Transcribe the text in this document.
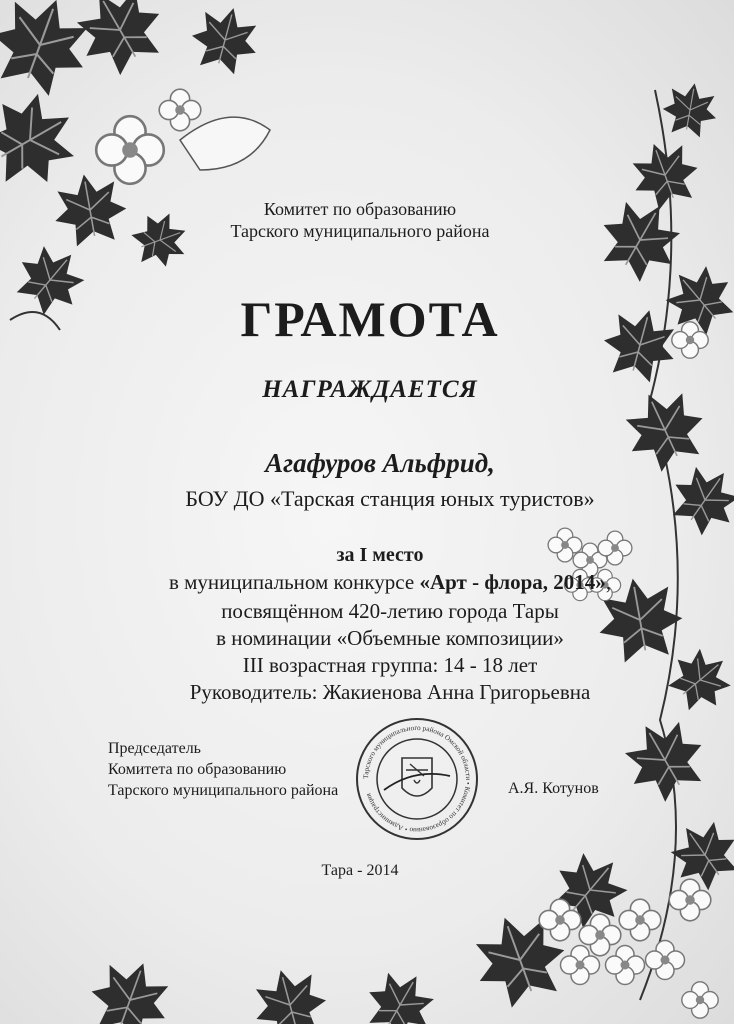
Комитет по образованию
Тарского муниципального района
ГРАМОТА
НАГРАЖДАЕТСЯ
Агафуров Альфрид,
БОУ ДО «Тарская станция юных туристов»
за I место
в муниципальном конкурсе «Арт - флора, 2014»,
посвящённом 420-летию города Тары
в номинации «Объемные композиции»
III возрастная группа: 14 - 18 лет
Руководитель: Жакиенова Анна Григорьевна
Председатель
Комитета по образованию
Тарского муниципального района	А.Я. Котунов
Тарского муниципального района Омской области • Комитет по образованию • Администрация
Тара - 2014
